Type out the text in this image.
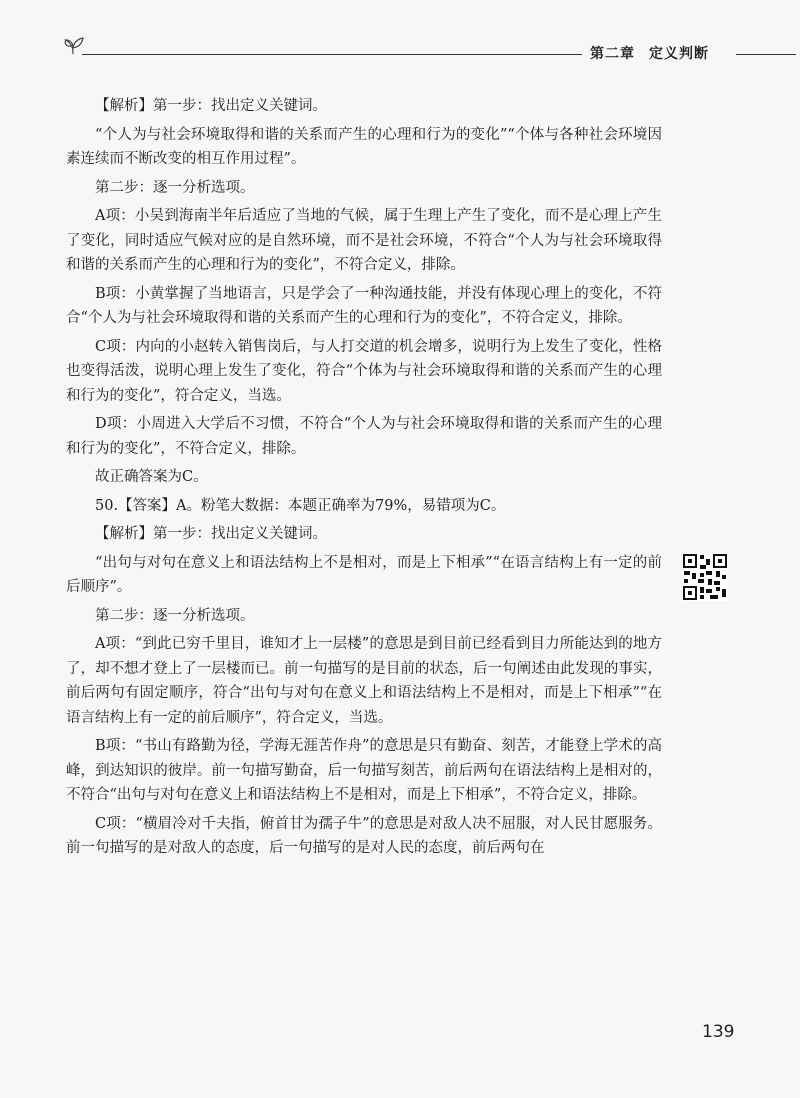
第二章 定义判断

【解析】第一步：找出定义关键词。

“个人为与社会环境取得和谐的关系而产生的心理和行为的变化”“个体与各种社会环境因素连续而不断改变的相互作用过程”。

第二步：逐一分析选项。

A项：小吴到海南半年后适应了当地的气候，属于生理上产生了变化，而不是心理上产生了变化，同时适应气候对应的是自然环境，而不是社会环境，不符合“个人为与社会环境取得和谐的关系而产生的心理和行为的变化”，不符合定义，排除。

B项：小黄掌握了当地语言，只是学会了一种沟通技能，并没有体现心理上的变化，不符合“个人为与社会环境取得和谐的关系而产生的心理和行为的变化”，不符合定义，排除。

C项：内向的小赵转入销售岗后，与人打交道的机会增多，说明行为上发生了变化，性格也变得活泼，说明心理上发生了变化，符合“个体为与社会环境取得和谐的关系而产生的心理和行为的变化”，符合定义，当选。

D项：小周进入大学后不习惯，不符合“个人为与社会环境取得和谐的关系而产生的心理和行为的变化”，不符合定义，排除。

故正确答案为C。

50.【答案】A。粉笔大数据：本题正确率为79%，易错项为C。

【解析】第一步：找出定义关键词。

“出句与对句在意义上和语法结构上不是相对，而是上下相承”“在语言结构上有一定的前后顺序”。

第二步：逐一分析选项。

A项：“到此已穷千里目，谁知才上一层楼”的意思是到目前已经看到目力所能达到的地方了，却不想才登上了一层楼而已。前一句描写的是目前的状态，后一句阐述由此发现的事实，前后两句有固定顺序，符合“出句与对句在意义上和语法结构上不是相对，而是上下相承”“在语言结构上有一定的前后顺序”，符合定义，当选。

B项：“书山有路勤为径，学海无涯苦作舟”的意思是只有勤奋、刻苦，才能登上学术的高峰，到达知识的彼岸。前一句描写勤奋，后一句描写刻苦，前后两句在语法结构上是相对的，不符合“出句与对句在意义上和语法结构上不是相对，而是上下相承”，不符合定义，排除。

C项：“横眉冷对千夫指，俯首甘为孺子牛”的意思是对敌人决不屈服，对人民甘愿服务。前一句描写的是对敌人的态度，后一句描写的是对人民的态度，前后两句在

139
